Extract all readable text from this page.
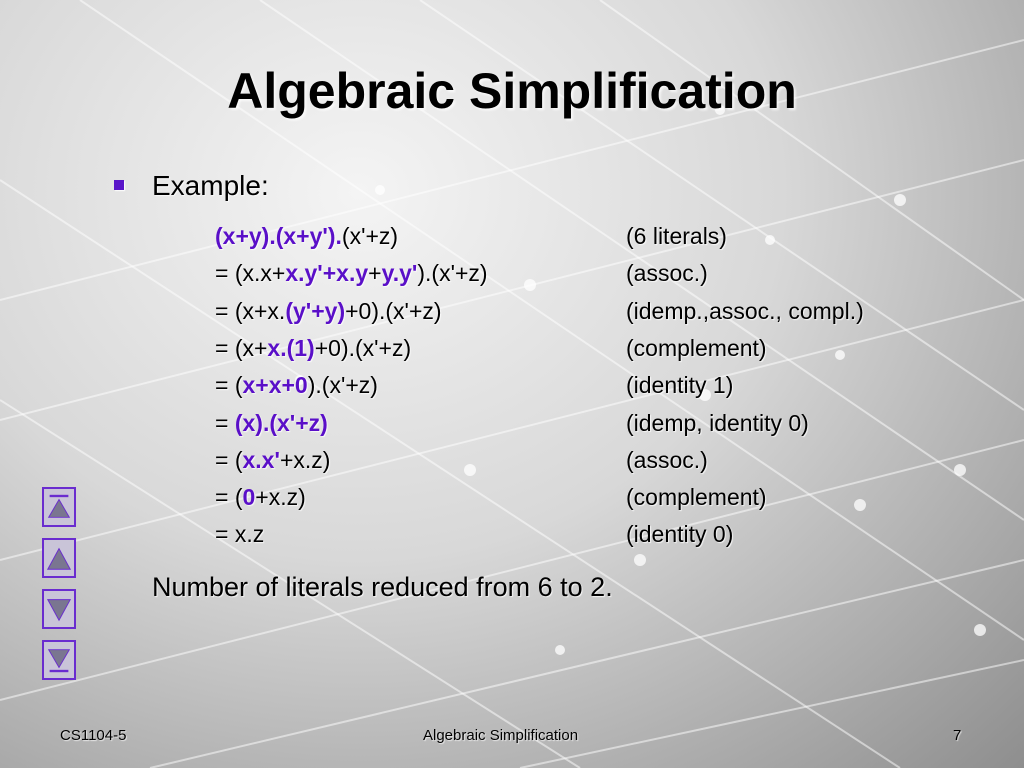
Algebraic Simplification
Example:
(x+y).(x+y').(x'+z)	(6 literals)
= (x.x+x.y'+x.y+y.y').(x'+z)	(assoc.)
= (x+x.(y'+y)+0).(x'+z)	(idemp.,assoc., compl.)
= (x+x.(1)+0).(x'+z)	(complement)
= (x+x+0).(x'+z)	(identity 1)
= (x).(x'+z)	(idemp, identity 0)
= (x.x'+x.z)	(assoc.)
= (0+x.z)	(complement)
= x.z	(identity 0)
Number of literals reduced from 6 to 2.
CS1104-5	Algebraic Simplification	7
